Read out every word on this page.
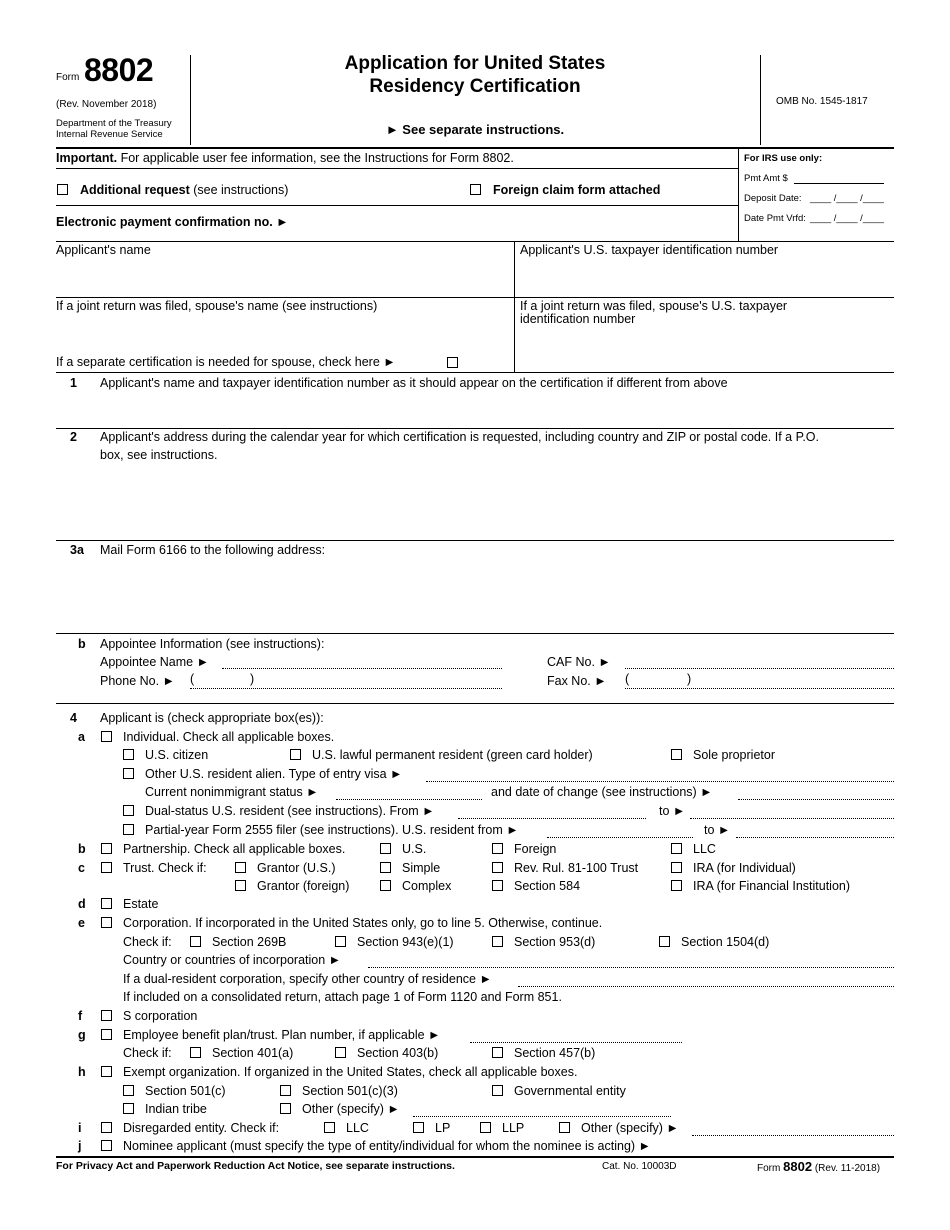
Form 8802
(Rev. November 2018)
Department of the Treasury
Internal Revenue Service
Application for United States
Residency Certification
► See separate instructions.
OMB No. 1545-1817
Important. For applicable user fee information, see the Instructions for Form 8802.	For IRS use only:
Pmt Amt $
Deposit Date: ____ /____ /____
Date Pmt Vrfd: ____ /____ /____
Additional request (see instructions)	Foreign claim form attached
Electronic payment confirmation no. ►
Applicant's name	Applicant's U.S. taxpayer identification number
If a joint return was filed, spouse's name (see instructions)	If a joint return was filed, spouse's U.S. taxpayer
identification number
If a separate certification is needed for spouse, check here ►
1 Applicant's name and taxpayer identification number as it should appear on the certification if different from above
2 Applicant's address during the calendar year for which certification is requested, including country and ZIP or postal code. If a P.O.
box, see instructions.
3a Mail Form 6166 to the following address:
b Appointee Information (see instructions):
Appointee Name ►	CAF No. ►
Phone No. ► (	)	Fax No. ► (	)
4 Applicant is (check appropriate box(es)):
a	Individual. Check all applicable boxes.
U.S. citizen	U.S. lawful permanent resident (green card holder)	Sole proprietor
Other U.S. resident alien. Type of entry visa ►
Current nonimmigrant status ►	and date of change (see instructions) ►
Dual-status U.S. resident (see instructions). From ►	to ►
Partial-year Form 2555 filer (see instructions). U.S. resident from ►	to ►
b	Partnership. Check all applicable boxes.	U.S.	Foreign	LLC
c	Trust. Check if:	Grantor (U.S.)	Simple	Rev. Rul. 81-100 Trust	IRA (for Individual)
Grantor (foreign)	Complex	Section 584	IRA (for Financial Institution)
d	Estate
e	Corporation. If incorporated in the United States only, go to line 5. Otherwise, continue.
Check if:	Section 269B	Section 943(e)(1)	Section 953(d)	Section 1504(d)
Country or countries of incorporation ►
If a dual-resident corporation, specify other country of residence ►
If included on a consolidated return, attach page 1 of Form 1120 and Form 851.
f	S corporation
g	Employee benefit plan/trust. Plan number, if applicable ►
Check if:	Section 401(a)	Section 403(b)	Section 457(b)
h	Exempt organization. If organized in the United States, check all applicable boxes.
Section 501(c)	Section 501(c)(3)	Governmental entity
Indian tribe	Other (specify) ►
i	Disregarded entity. Check if:	LLC	LP	LLP	Other (specify) ►
j	Nominee applicant (must specify the type of entity/individual for whom the nominee is acting) ►
For Privacy Act and Paperwork Reduction Act Notice, see separate instructions.	Cat. No. 10003D	Form 8802 (Rev. 11-2018)
